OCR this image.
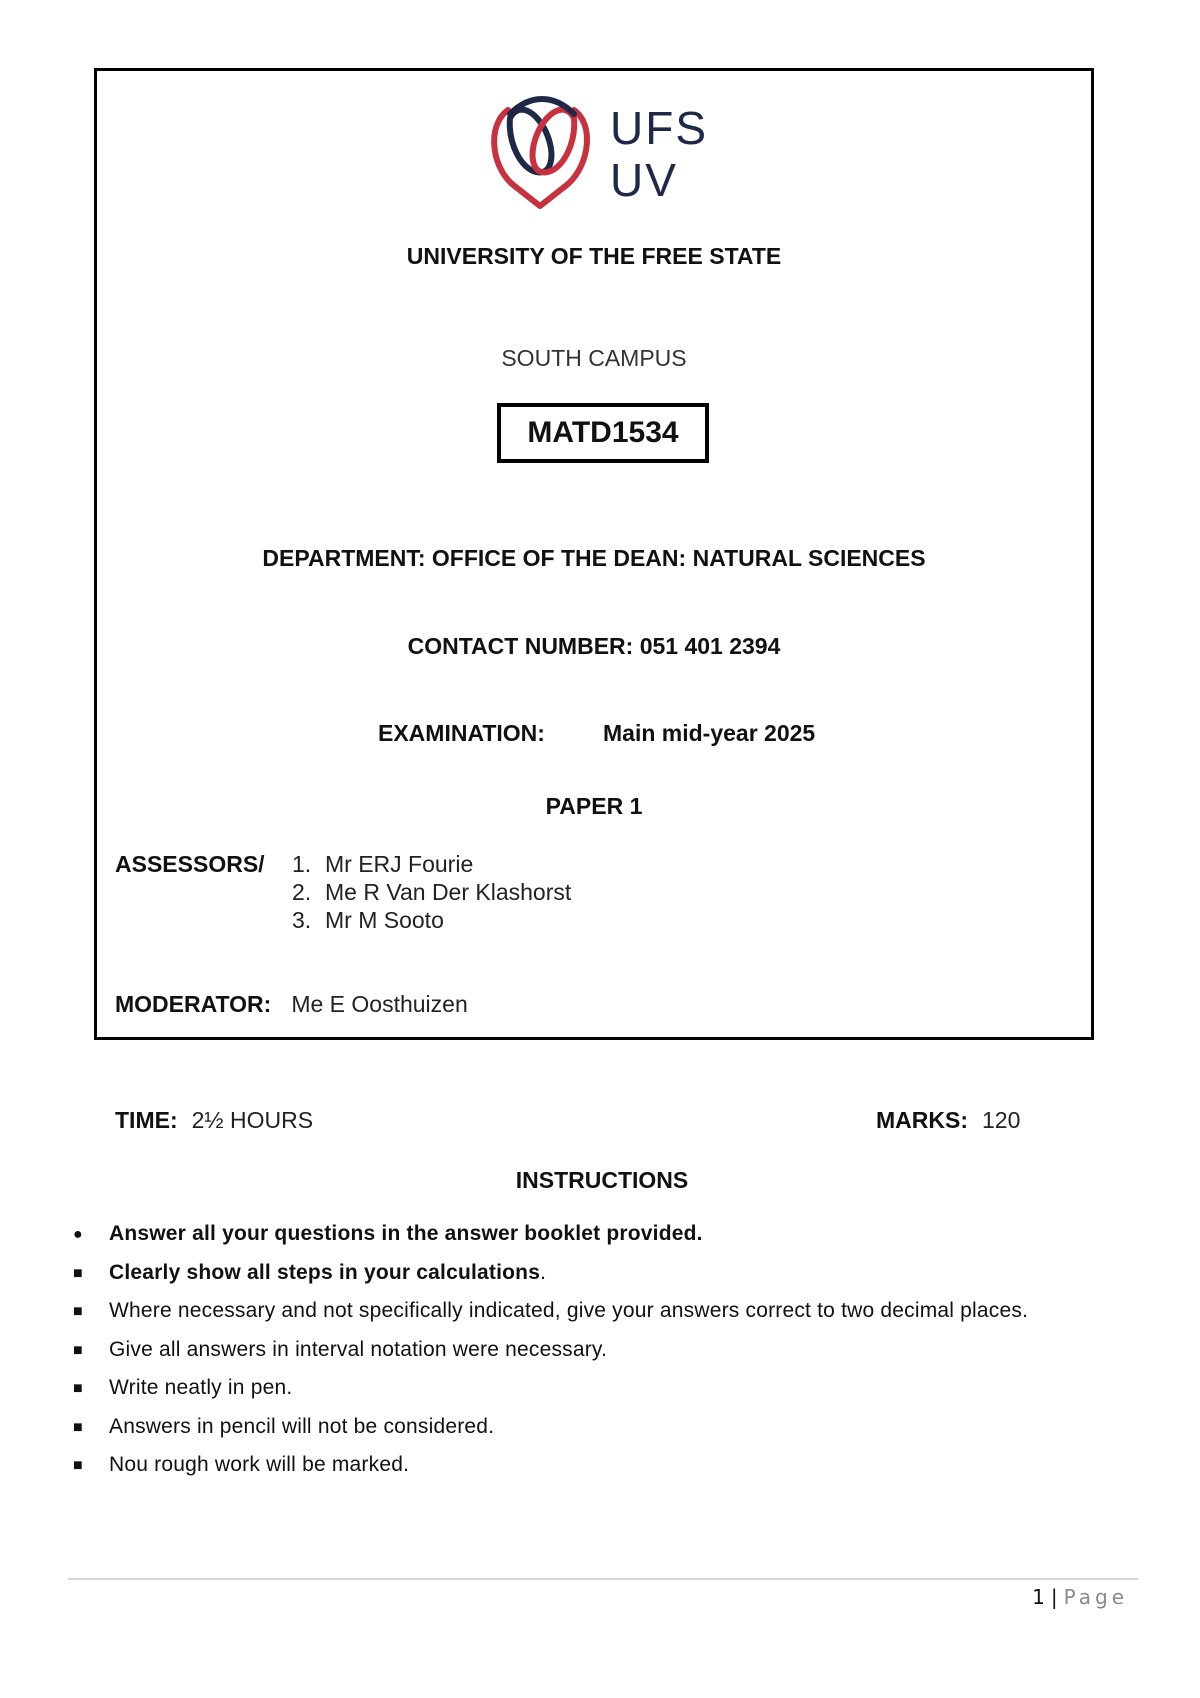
UFS
UV
UNIVERSITY OF THE FREE STATE
SOUTH CAMPUS
MATD1534
DEPARTMENT: OFFICE OF THE DEAN: NATURAL SCIENCES
CONTACT NUMBER: 051 401 2394
EXAMINATION:	Main mid-year 2025
PAPER 1
ASSESSORS/ 1. Mr ERJ Fourie
2. Me R Van Der Klashorst
3. Mr M Sooto
MODERATOR: Me E Oosthuizen
TIME: 2½ HOURS	MARKS: 120
INSTRUCTIONS
● Answer all your questions in the answer booklet provided.
■ Clearly show all steps in your calculations.
■ Where necessary and not specifically indicated, give your answers correct to two decimal places.
■ Give all answers in interval notation were necessary.
■ Write neatly in pen.
■ Answers in pencil will not be considered.
■ Nou rough work will be marked.
1 | Page
